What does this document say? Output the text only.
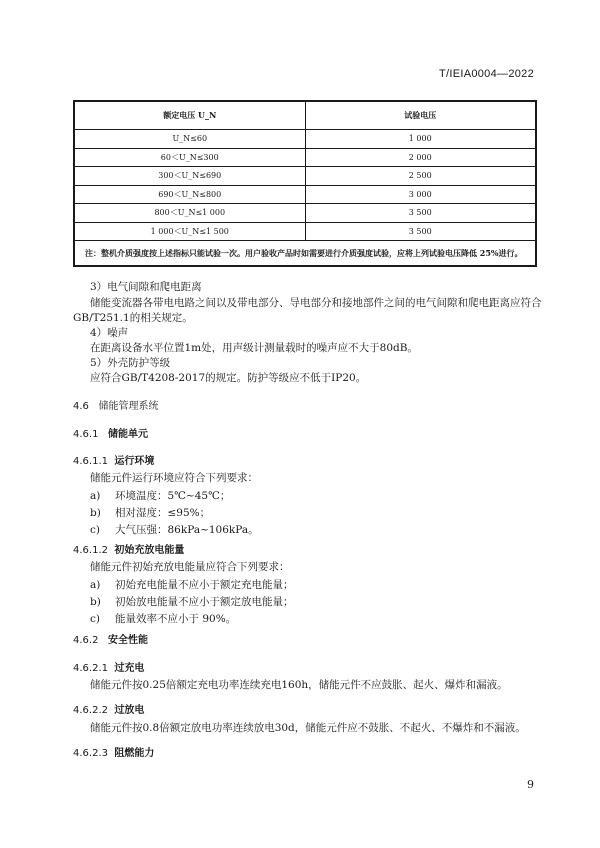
T/IEIA0004—2022
额定电压 U_N	试验电压
U_N≤60	1 000
60＜U_N≤300	2 000
300＜U_N≤690	2 500
690＜U_N≤800	3 000
800＜U_N≤1 000	3 500
1 000＜U_N≤1 500	3 500
注：整机介质强度按上述指标只能试验一次。用户验收产品时如需要进行介质强度试验，应将上列试验电压降低 25%进行。	
3）电气间隙和爬电距离
储能变流器各带电电路之间以及带电部分、导电部分和接地部件之间的电气间隙和爬电距离应符合
GB/T251.1的相关规定。
4）噪声
在距离设备水平位置1m处，用声级计测量载时的噪声应不大于80dB。
5）外壳防护等级
应符合GB/T4208-2017的规定。防护等级应不低于IP20。
4.6 储能管理系统
4.6.1 储能单元
4.6.1.1 运行环境
储能元件运行环境应符合下列要求：
a) 环境温度：5℃~45℃；
b) 相对湿度：≤95%；
c) 大气压强：86kPa~106kPa。
4.6.1.2 初始充放电能量
储能元件初始充放电能量应符合下列要求：
a) 初始充电能量不应小于额定充电能量；
b) 初始放电能量不应小于额定放电能量；
c) 能量效率不应小于 90%。
4.6.2 安全性能
4.6.2.1 过充电
储能元件按0.25倍额定充电功率连续充电160h，储能元件不应鼓胀、起火、爆炸和漏液。
4.6.2.2 过放电
储能元件按0.8倍额定放电功率连续放电30d，储能元件应不鼓胀、不起火、不爆炸和不漏液。
4.6.2.3 阻燃能力
9
